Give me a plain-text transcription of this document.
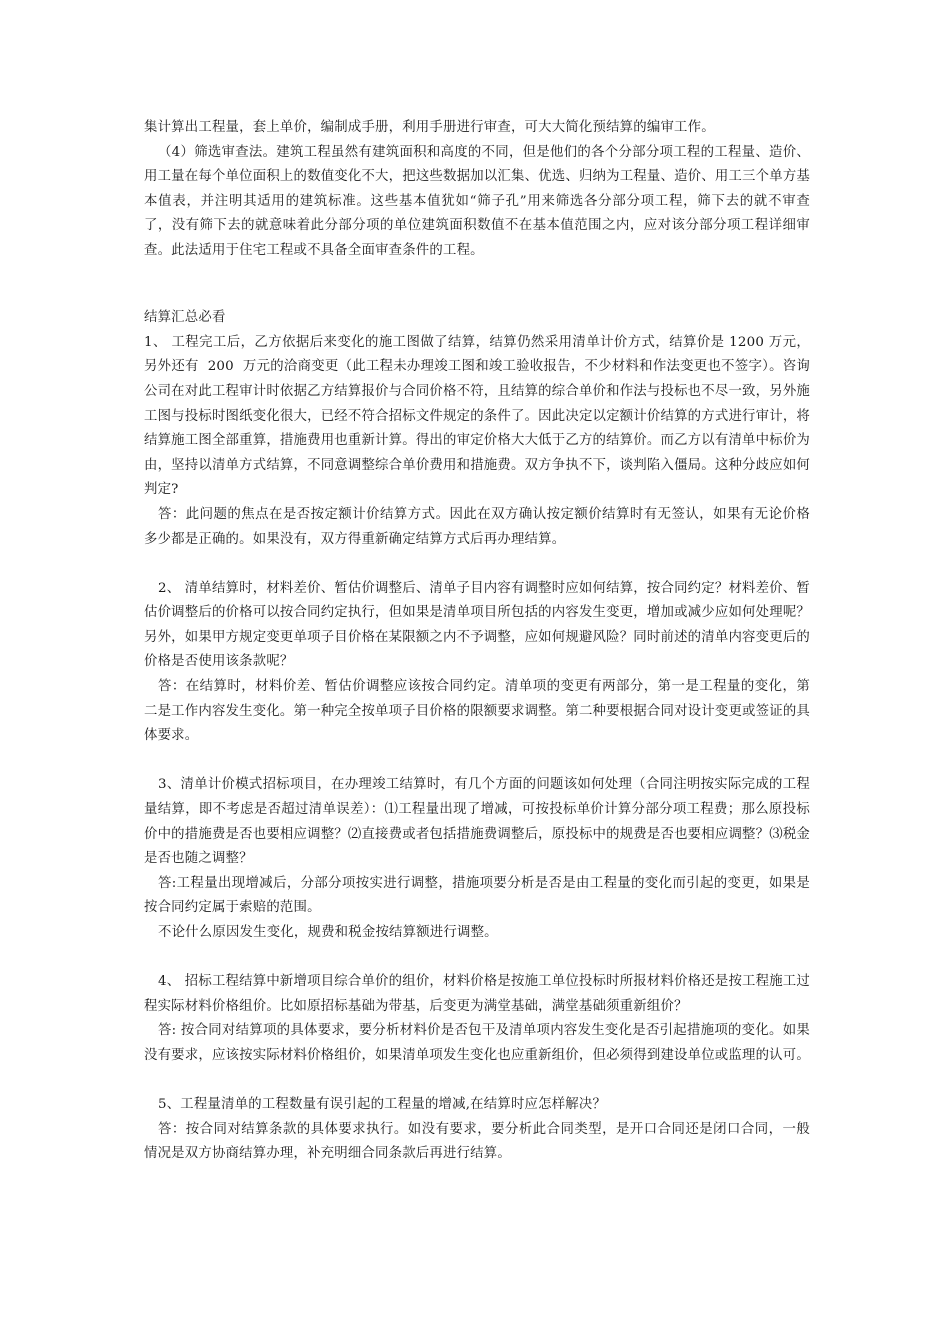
集计算出工程量，套上单价，编制成手册，利用手册进行审查，可大大简化预结算的编审工作。

（4）筛选审查法。建筑工程虽然有建筑面积和高度的不同，但是他们的各个分部分项工程的工程量、造价、用工量在每个单位面积上的数值变化不大，把这些数据加以汇集、优选、归纳为工程量、造价、用工三个单方基本值表，并注明其适用的建筑标准。这些基本值犹如“筛子孔”用来筛选各分部分项工程，筛下去的就不审查了，没有筛下去的就意味着此分部分项的单位建筑面积数值不在基本值范围之内，应对该分部分项工程详细审查。此法适用于住宅工程或不具备全面审查条件的工程。

结算汇总必看

1、 工程完工后，乙方依据后来变化的施工图做了结算，结算仍然采用清单计价方式，结算价是 1200 万元，另外还有  200  万元的洽商变更（此工程未办理竣工图和竣工验收报告，不少材料和作法变更也不签字）。咨询公司在对此工程审计时依据乙方结算报价与合同价格不符，且结算的综合单价和作法与投标也不尽一致，另外施工图与投标时图纸变化很大，已经不符合招标文件规定的条件了。因此决定以定额计价结算的方式进行审计，将结算施工图全部重算，措施费用也重新计算。得出的审定价格大大低于乙方的结算价。而乙方以有清单中标价为由，坚持以清单方式结算，不同意调整综合单价费用和措施费。双方争执不下，谈判陷入僵局。这种分歧应如何判定?

答：此问题的焦点在是否按定额计价结算方式。因此在双方确认按定额价结算时有无签认，如果有无论价格多少都是正确的。如果没有，双方得重新确定结算方式后再办理结算。

2、 清单结算时，材料差价、暂估价调整后、清单子目内容有调整时应如何结算，按合同约定？材料差价、暂估价调整后的价格可以按合同约定执行，但如果是清单项目所包括的内容发生变更，增加或减少应如何处理呢？另外，如果甲方规定变更单项子目价格在某限额之内不予调整，应如何规避风险？同时前述的清单内容变更后的价格是否使用该条款呢？

答：在结算时，材料价差、暂估价调整应该按合同约定。清单项的变更有两部分，第一是工程量的变化，第二是工作内容发生变化。第一种完全按单项子目价格的限额要求调整。第二种要根据合同对设计变更或签证的具体要求。

3、清单计价模式招标项目，在办理竣工结算时，有几个方面的问题该如何处理（合同注明按实际完成的工程量结算，即不考虑是否超过清单误差）：⑴工程量出现了增减，可按投标单价计算分部分项工程费；那么原投标价中的措施费是否也要相应调整？⑵直接费或者包括措施费调整后，原投标中的规费是否也要相应调整？⑶税金是否也随之调整？

答:工程量出现增减后，分部分项按实进行调整，措施项要分析是否是由工程量的变化而引起的变更，如果是按合同约定属于索赔的范围。

不论什么原因发生变化，规费和税金按结算额进行调整。

4、 招标工程结算中新增项目综合单价的组价，材料价格是按施工单位投标时所报材料价格还是按工程施工过程实际材料价格组价。比如原招标基础为带基，后变更为满堂基础，满堂基础须重新组价？

答: 按合同对结算项的具体要求，要分析材料价是否包干及清单项内容发生变化是否引起措施项的变化。如果没有要求，应该按实际材料价格组价，如果清单项发生变化也应重新组价，但必须得到建设单位或监理的认可。

5、工程量清单的工程数量有误引起的工程量的增减,在结算时应怎样解决？

答：按合同对结算条款的具体要求执行。如没有要求，要分析此合同类型，是开口合同还是闭口合同，一般情况是双方协商结算办理，补充明细合同条款后再进行结算。
